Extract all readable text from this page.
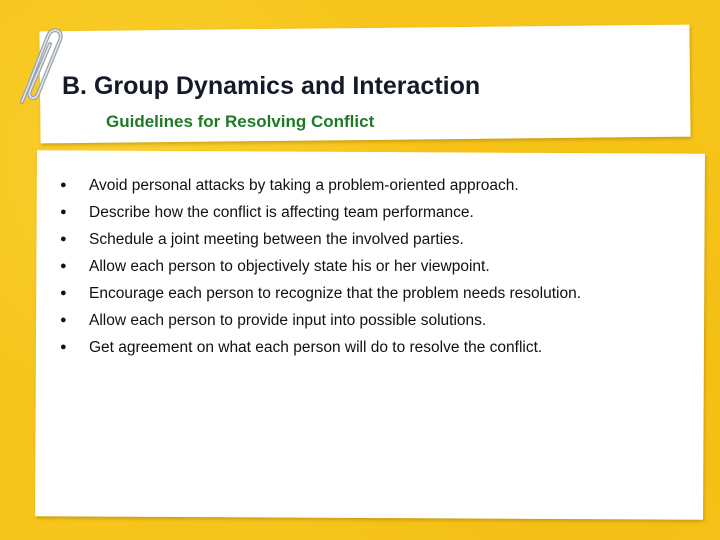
B. Group Dynamics and Interaction
Guidelines for Resolving Conflict
● Avoid personal attacks by taking a problem-oriented approach.
● Describe how the conflict is affecting team performance.
● Schedule a joint meeting between the involved parties.
● Allow each person to objectively state his or her viewpoint.
● Encourage each person to recognize that the problem needs resolution.
● Allow each person to provide input into possible solutions.
● Get agreement on what each person will do to resolve the conflict.
